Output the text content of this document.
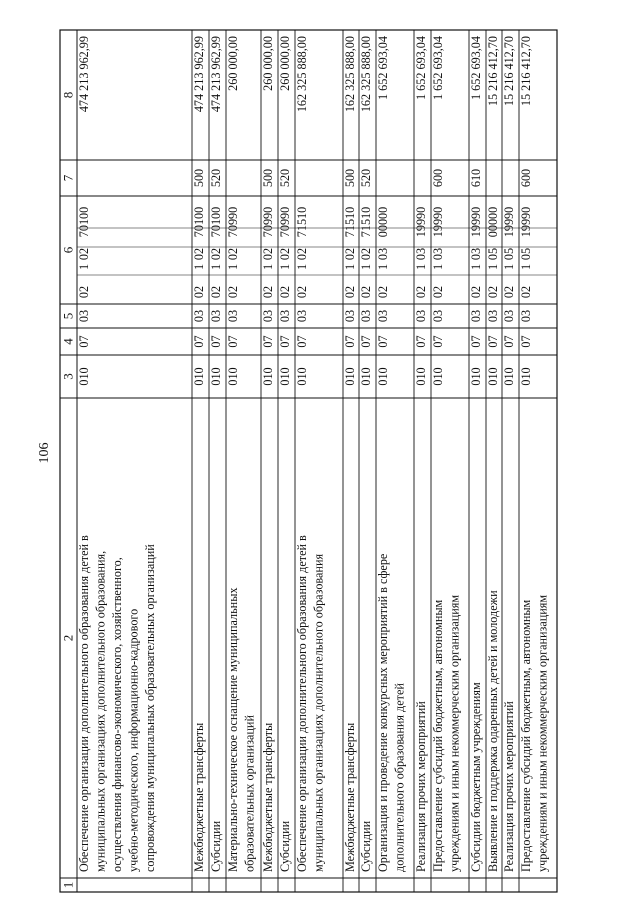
106
8
7
6
5
4
3
2
1
Обеспечение организации дополнительного образования детей в муниципальных организациях дополнительного образования, осуществления финансово-экономического, хозяйственного, учебно-методического, информационно-кадрового сопровождения муниципальных образовательных организаций
010
07
03
02
1
02
70100
474 213 962,99
Межбюджетные трансферты
010
07
03
500
02
1
02
70100
474 213 962,99
Субсидии
010
07
03
520
02
1
02
70100
474 213 962,99
Материально-техническое оснащение муниципальных образовательных организаций
010
07
03
02
1
02
70990
260 000,00
Межбюджетные трансферты
010
07
03
500
02
1
02
70990
260 000,00
Субсидии
010
07
03
520
02
1
02
70990
260 000,00
Обеспечение организации дополнительного образования детей в муниципальных организациях дополнительного образования
010
07
03
02
1
02
71510
162 325 888,00
Межбюджетные трансферты
010
07
03
500
02
1
02
71510
162 325 888,00
Субсидии
010
07
03
520
02
1
02
71510
162 325 888,00
Организация и проведение конкурсных мероприятий в сфере дополнительного образования детей
010
07
03
02
1
03
00000
1 652 693,04
Реализация прочих мероприятий
010
07
03
02
1
03
19990
1 652 693,04
Предоставление субсидий бюджетным, автономным учреждениям и иным некоммерческим организациям
010
07
03
600
02
1
03
19990
1 652 693,04
Субсидии бюджетным учреждениям
010
07
03
610
02
1
03
19990
1 652 693,04
Выявление и поддержка одаренных детей и молодежи
010
07
03
02
1
05
00000
15 216 412,70
Реализация прочих мероприятий
010
07
03
02
1
05
19990
15 216 412,70
Предоставление субсидий бюджетным, автономным учреждениям и иным некоммерческим организациям
010
07
03
600
02
1
05
19990
15 216 412,70
